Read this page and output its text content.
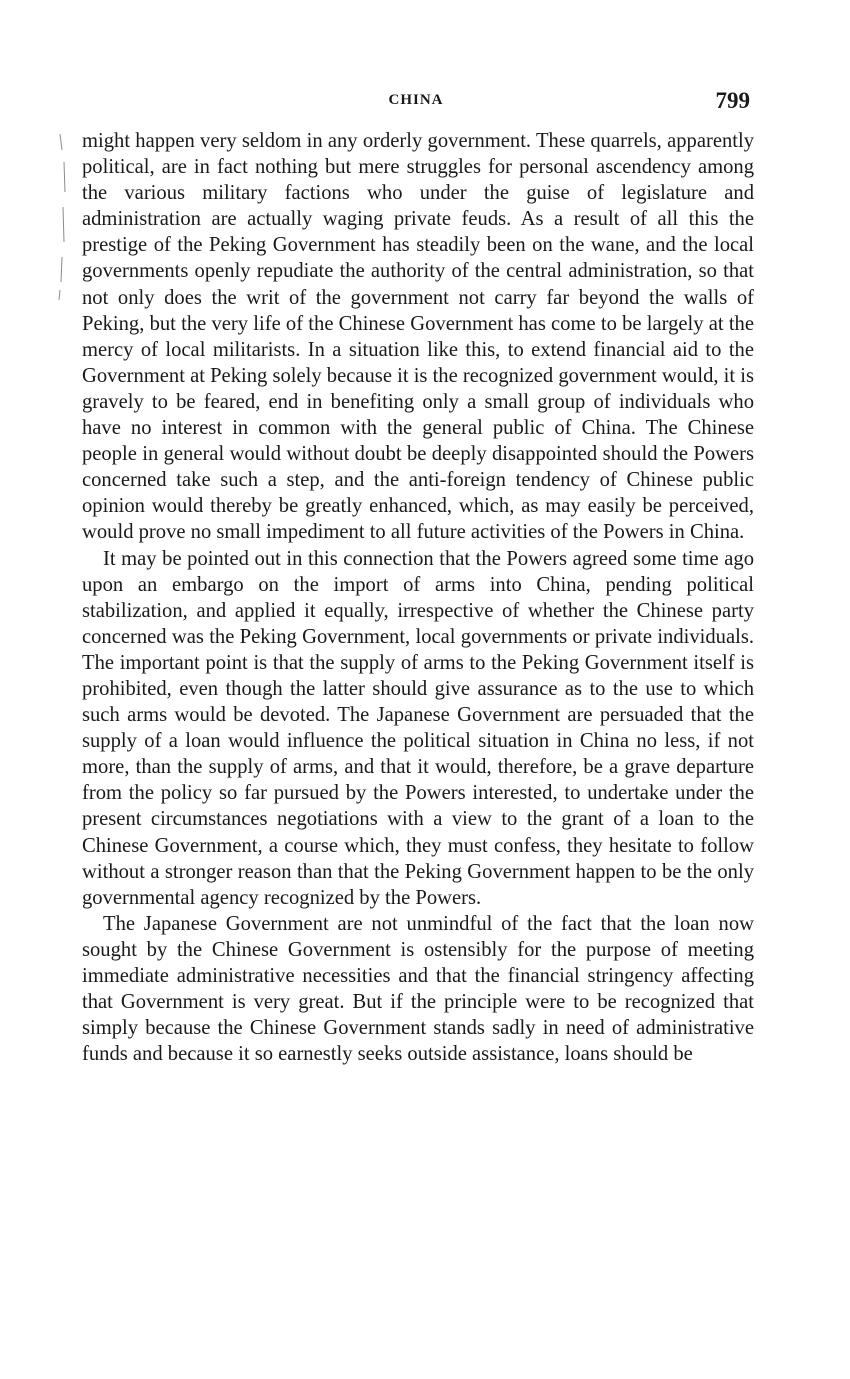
CHINA	799

might happen very seldom in any orderly government. These quarrels, apparently political, are in fact nothing but mere struggles for personal ascendency among the various military factions who under the guise of legislature and administration are actually waging private feuds. As a result of all this the prestige of the Peking Government has steadily been on the wane, and the local governments openly repudiate the authority of the central administration, so that not only does the writ of the government not carry far beyond the walls of Peking, but the very life of the Chinese Government has come to be largely at the mercy of local militarists. In a situation like this, to extend financial aid to the Government at Peking solely because it is the recognized government would, it is gravely to be feared, end in benefiting only a small group of individuals who have no interest in common with the general public of China. The Chinese people in general would without doubt be deeply disappointed should the Powers concerned take such a step, and the anti-foreign tendency of Chinese public opinion would thereby be greatly enhanced, which, as may easily be perceived, would prove no small impediment to all future activities of the Powers in China.

It may be pointed out in this connection that the Powers agreed some time ago upon an embargo on the import of arms into China, pending political stabilization, and applied it equally, irrespective of whether the Chinese party concerned was the Peking Government, local governments or private individuals. The important point is that the supply of arms to the Peking Government itself is prohibited, even though the latter should give assurance as to the use to which such arms would be devoted. The Japanese Government are persuaded that the supply of a loan would influence the political situation in China no less, if not more, than the supply of arms, and that it would, therefore, be a grave departure from the policy so far pursued by the Powers interested, to undertake under the present circumstances negotiations with a view to the grant of a loan to the Chinese Government, a course which, they must confess, they hesitate to follow without a stronger reason than that the Peking Government happen to be the only governmental agency recognized by the Powers.

The Japanese Government are not unmindful of the fact that the loan now sought by the Chinese Government is ostensibly for the purpose of meeting immediate administrative necessities and that the financial stringency affecting that Government is very great. But if the principle were to be recognized that simply because the Chinese Government stands sadly in need of administrative funds and because it so earnestly seeks outside assistance, loans should be
